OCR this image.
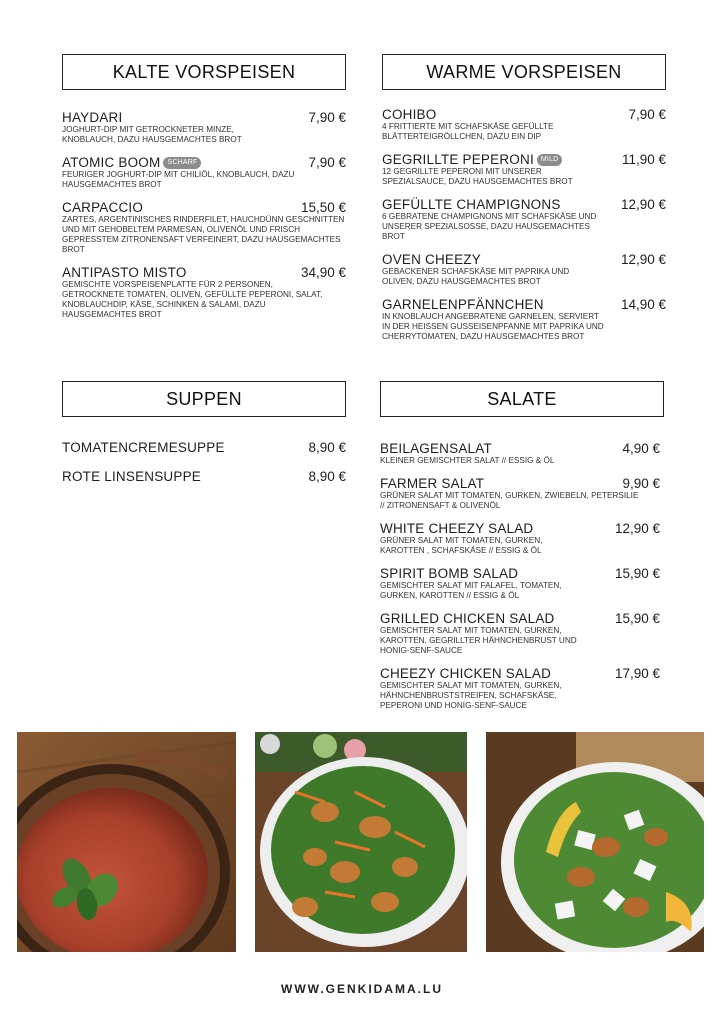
KALTE VORSPEISEN
HAYDARI	7,90 €
JOGHURT-DIP MIT GETROCKNETER MINZE, KNOBLAUCH, DAZU HAUSGEMACHTES BROT
ATOMIC BOOM	SCHARF	7,90 €
FEURIGER JOGHURT-DIP MIT CHILIÖL, KNOBLAUCH, DAZU HAUSGEMACHTES BROT
CARPACCIO	15,50 €
ZARTES, ARGENTINISCHES RINDERFILET, HAUCHDÜNN GESCHNITTEN UND MIT GEHOBELTEM PARMESAN, OLIVENÖL UND FRISCH GEPRESSTEM ZITRONENSAFT VERFEINERT, DAZU HAUSGEMACHTES BROT
ANTIPASTO MISTO	34,90 €
GEMISCHTE VORSPEISENPLATTE FÜR 2 PERSONEN, GETROCKNETE TOMATEN, OLIVEN, GEFÜLLTE PEPERONI, SALAT, KNOBLAUCHDIP, KÄSE, SCHINKEN & SALAMI, DAZU HAUSGEMACHTES BROT
WARME VORSPEISEN
COHIBO	7,90 €
4 FRITTIERTE MIT SCHAFSKÄSE GEFÜLLTE BLÄTTERTEIGRÖLLCHEN, DAZU EIN DIP
GEGRILLTE PEPERONI	MILD	11,90 €
12 GEGRILLTE PEPERONI MIT UNSERER SPEZIALSAUCE, DAZU HAUSGEMACHTES BROT
GEFÜLLTE CHAMPIGNONS	12,90 €
6 GEBRATENE CHAMPIGNONS MIT SCHAFSKÄSE UND UNSERER SPEZIALSOSSE, DAZU HAUSGEMACHTES BROT
OVEN CHEEZY	12,90 €
GEBACKENER SCHAFSKÄSE MIT PAPRIKA UND OLIVEN, DAZU HAUSGEMACHTES BROT
GARNELENPFÄNNCHEN	14,90 €
IN KNOBLAUCH ANGEBRATENE GARNELEN, SERVIERT IN DER HEISSEN GUSSEISENPFANNE MIT PAPRIKA UND CHERRYTOMATEN, DAZU HAUSGEMACHTES BROT
SUPPEN
TOMATENCREMESUPPE	8,90 €
ROTE LINSENSUPPE	8,90 €
SALATE
BEILAGENSALAT	4,90 €
KLEINER GEMISCHTER SALAT // ESSIG & ÖL
FARMER SALAT	9,90 €
GRÜNER SALAT MIT TOMATEN, GURKEN, ZWIEBELN, PETERSILIE // ZITRONENSAFT & OLIVENÖL
WHITE CHEEZY SALAD	12,90 €
GRÜNER SALAT MIT TOMATEN, GURKEN, KAROTTEN , SCHAFSKÄSE // ESSIG & ÖL
SPIRIT BOMB SALAD	15,90 €
GEMISCHTER SALAT MIT FALAFEL, TOMATEN, GURKEN, KAROTTEN // ESSIG & ÖL
GRILLED CHICKEN SALAD	15,90 €
GEMISCHTER SALAT MIT TOMATEN, GURKEN, KAROTTEN, GEGRILLTER HÄHNCHENBRUST UND HONIG-SENF-SAUCE
CHEEZY CHICKEN SALAD	17,90 €
GEMISCHTER SALAT MIT TOMATEN, GURKEN, HÄHNCHENBRUSTSTREIFEN, SCHAFSKÄSE, PEPERONI UND HONIG-SENF-SAUCE
WWW.GENKIDAMA.LU
